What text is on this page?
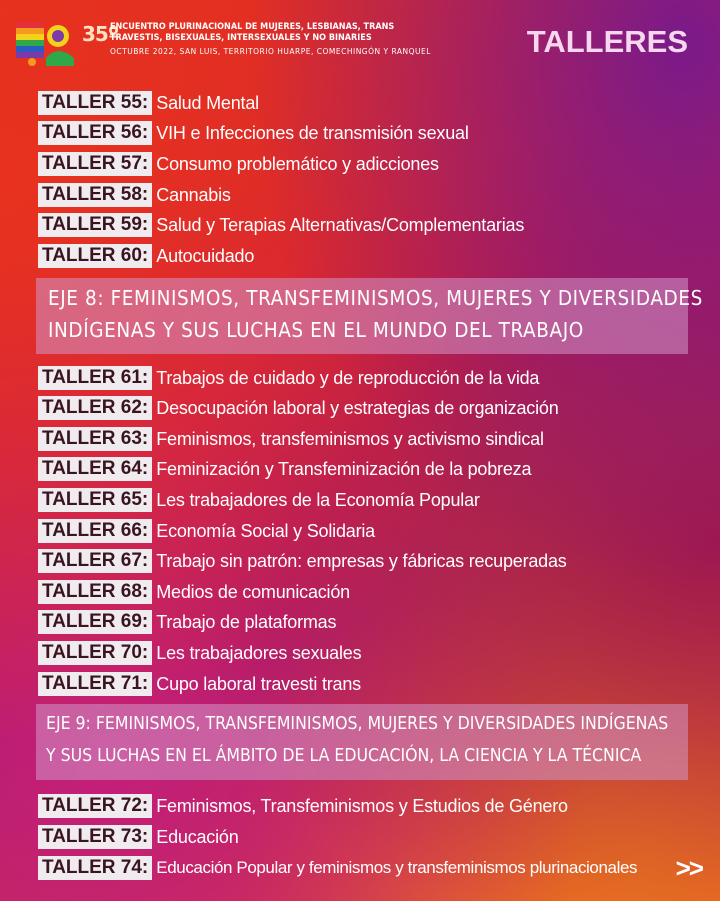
35º
ENCUENTRO PLURINACIONAL DE MUJERES, LESBIANAS, TRANS
TRAVESTIS, BISEXUALES, INTERSEXUALES Y NO BINARIES
OCTUBRE 2022, SAN LUIS, TERRITORIO HUARPE, COMECHINGÓN Y RANQUEL	TALLERES
TALLER 55: Salud Mental
TALLER 56: VIH e Infecciones de transmisión sexual
TALLER 57: Consumo problemático y adicciones
TALLER 58: Cannabis
TALLER 59: Salud y Terapias Alternativas/Complementarias
TALLER 60: Autocuidado
EJE 8: FEMINISMOS, TRANSFEMINISMOS, MUJERES Y DIVERSIDADES
INDÍGENAS Y SUS LUCHAS EN EL MUNDO DEL TRABAJO
TALLER 61: Trabajos de cuidado y de reproducción de la vida
TALLER 62: Desocupación laboral y estrategias de organización
TALLER 63: Feminismos, transfeminismos y activismo sindical
TALLER 64: Feminización y Transfeminización de la pobreza
TALLER 65: Les trabajadores de la Economía Popular
TALLER 66: Economía Social y Solidaria
TALLER 67: Trabajo sin patrón: empresas y fábricas recuperadas
TALLER 68: Medios de comunicación
TALLER 69: Trabajo de plataformas
TALLER 70: Les trabajadores sexuales
TALLER 71: Cupo laboral travesti trans
EJE 9: FEMINISMOS, TRANSFEMINISMOS, MUJERES Y DIVERSIDADES INDÍGENAS
Y SUS LUCHAS EN EL ÁMBITO DE LA EDUCACIÓN, LA CIENCIA Y LA TÉCNICA
TALLER 72: Feminismos, Transfeminismos y Estudios de Género
TALLER 73: Educación
TALLER 74: Educación Popular y feminismos y transfeminismos plurinacionales >>
